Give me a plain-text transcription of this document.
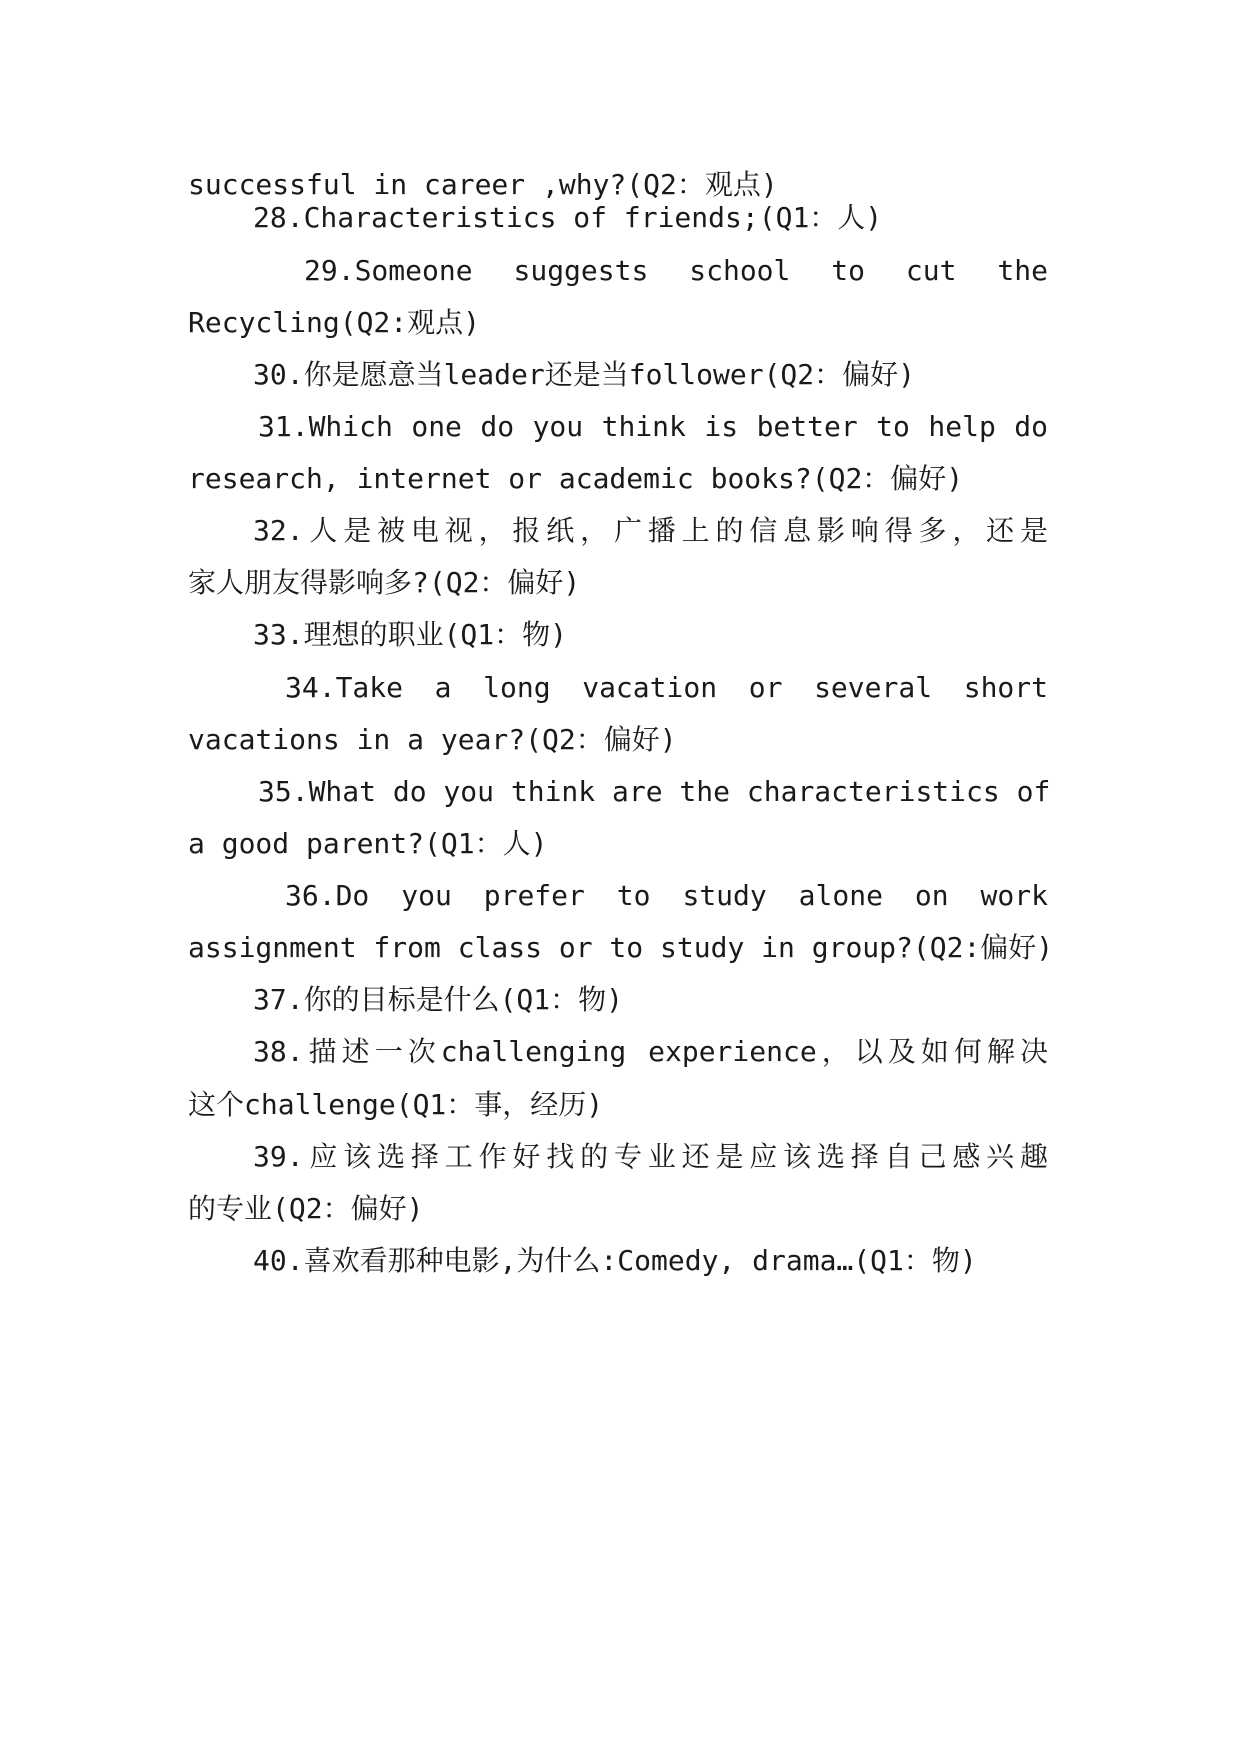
successful in career ,why?(Q2：观点)
28.Characteristics of friends;(Q1：人)
29.Someone suggests school to cut the
Recycling(Q2:观点)
30.你是愿意当leader还是当follower(Q2：偏好)
31.Which one do you think is better to help do
research, internet or academic books?(Q2：偏好)
32.人是被电视，报纸，广播上的信息影响得多，还是
家人朋友得影响多?(Q2：偏好)
33.理想的职业(Q1：物)
34.Take a long vacation or several short
vacations in a year?(Q2：偏好)
35.What do you think are the characteristics of
a good parent?(Q1：人)
36.Do you prefer to study alone on work
assignment from class or to study in group?(Q2:偏好)
37.你的目标是什么(Q1：物)
38.描述一次challenging experience，以及如何解决
这个challenge(Q1：事，经历)
39.应该选择工作好找的专业还是应该选择自己感兴趣
的专业(Q2：偏好)
40.喜欢看那种电影,为什么:Comedy, drama…(Q1：物)
